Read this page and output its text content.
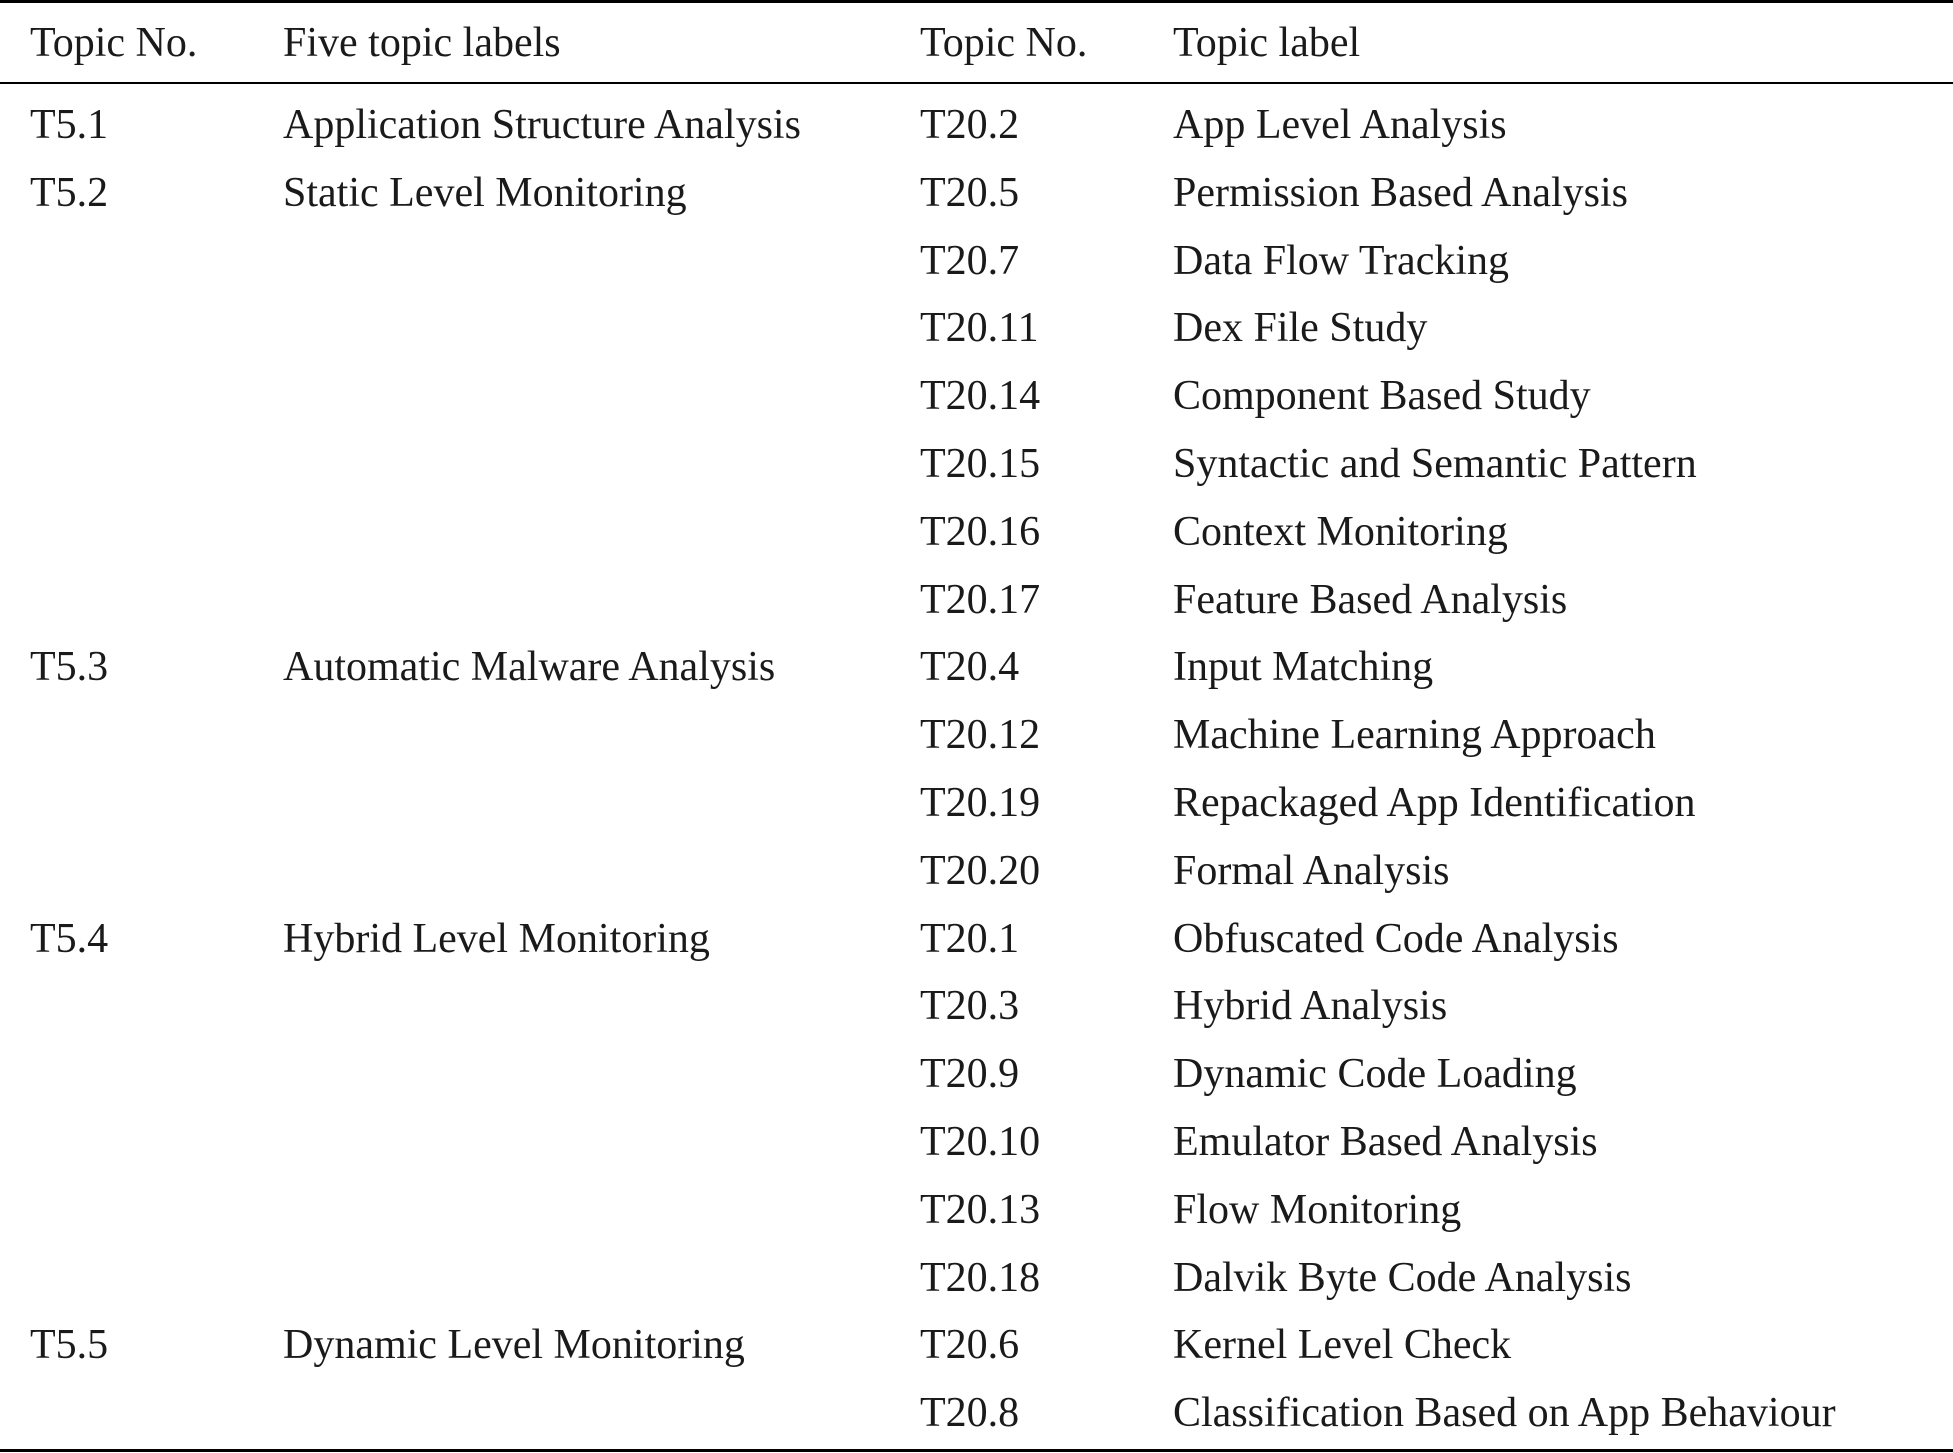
Topic No. Five topic labels	Topic No. Topic label
T5.1	Application Structure Analysis	T20.2	App Level Analysis
T5.2	Static Level Monitoring	T20.5	Permission Based Analysis
T20.7	Data Flow Tracking
T20.11	Dex File Study
T20.14	Component Based Study
T20.15	Syntactic and Semantic Pattern
T20.16	Context Monitoring
T20.17	Feature Based Analysis
T5.3	Automatic Malware Analysis	T20.4	Input Matching
T20.12	Machine Learning Approach
T20.19	Repackaged App Identification
T20.20	Formal Analysis
T5.4	Hybrid Level Monitoring	T20.1	Obfuscated Code Analysis
T20.3	Hybrid Analysis
T20.9	Dynamic Code Loading
T20.10	Emulator Based Analysis
T20.13	Flow Monitoring
T20.18	Dalvik Byte Code Analysis
T5.5	Dynamic Level Monitoring	T20.6	Kernel Level Check
T20.8	Classification Based on App Behaviour
